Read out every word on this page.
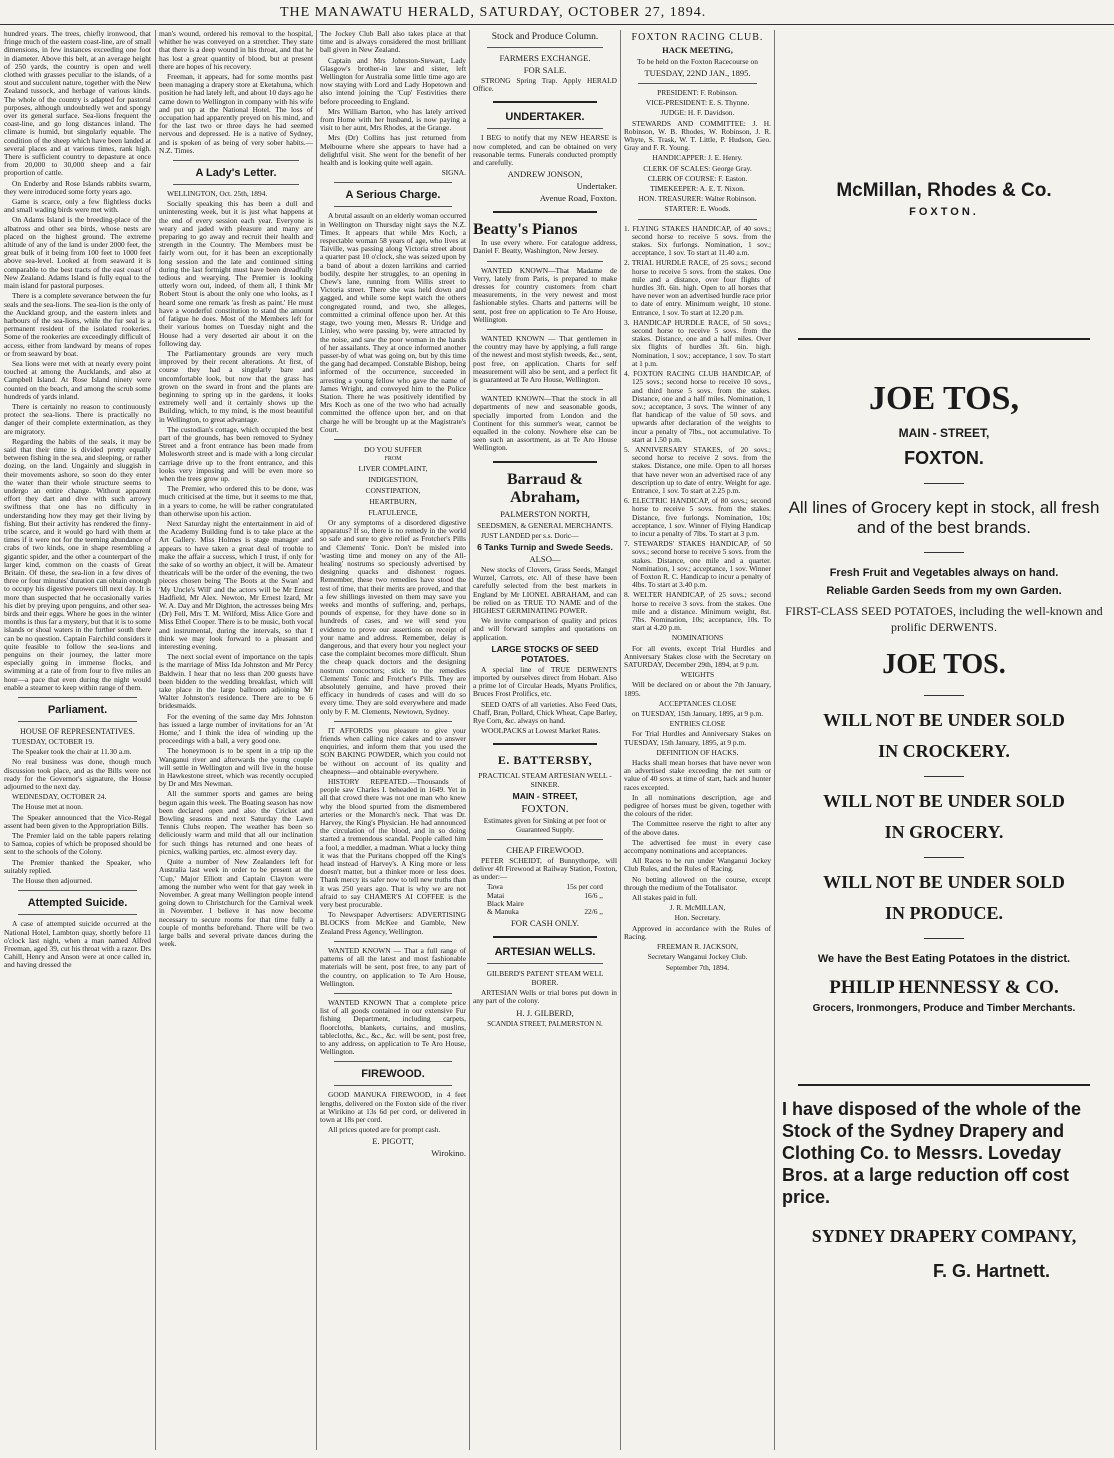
THE MANAWATU HERALD, SATURDAY, OCTOBER 27, 1894.

hundred years. The trees, chiefly ironwood, that fringe much of the eastern coast-line, are of small dimensions, in few instances exceeding one foot in diameter. Above this belt, at an average height of 250 yards, the country is open and well clothed with grasses peculiar to the islands, of a stout and succulent nature, together with the New Zealand tussock, and herbage of various kinds. The whole of the country is adapted for pastoral purposes, although undoubtedly wet and spongy over its general surface. Sea-lions frequent the coast-line, and go long distances inland. The climate is humid, but singularly equable. The condition of the sheep which have been landed at several places and at various times, rank high. There is sufficient country to depasture at once from 20,000 to 30,000 sheep and a fair proportion of cattle.

On Enderby and Rose Islands rabbits swarm, they were introduced some forty years ago.

Game is scarce, only a few flightless ducks and small wading birds were met with.

On Adams Island is the breeding-place of the albatross and other sea birds, whose nests are placed on the highest ground. The extreme altitude of any of the land is under 2000 feet, the great bulk of it being from 100 feet to 1000 feet above sea-level. Looked at from seaward it is comparable to the best tracts of the east coast of New Zealand. Adams Island is fully equal to the main island for pastoral purposes.

There is a complete severance between the fur seals and the sea-lions. The sea-lion is the only of the Auckland group, and the eastern inlets and harbours of the sea-lions, while the fur seal is a permanent resident of the isolated rookeries. Some of the rookeries are exceedingly difficult of access, either from landward by means of ropes or from seaward by boat.

Sea lions were met with at nearly every point touched at among the Aucklands, and also at Campbell Island. At Rose Island ninety were counted on the beach, and among the scrub some hundreds of yards inland.

There is certainly no reason to continuously protect the sea-lions. There is practically no danger of their complete extermination, as they are migratory.

Regarding the habits of the seals, it may be said that their time is divided pretty equally between fishing in the sea, and sleeping, or rather dozing, on the land. Ungainly and sluggish in their movements ashore, so soon do they enter the water than their whole structure seems to undergo an entire change. Without apparent effort they dart and dive with such arrowy swiftness that one has no difficulty in understanding how they may get their living by fishing. But their activity has rendered the finny-tribe scarce, and it would go hard with them at times if it were not for the teeming abundance of crabs of two kinds, one in shape resembling a gigantic spider, and the other a counterpart of the larger kind, common on the coasts of Great Britain. Of these, the sea-lion in a few dives of three or four minutes' duration can obtain enough to occupy his digestive powers till next day. It is more than suspected that he occasionally varies his diet by preying upon penguins, and other sea-birds and their eggs. Where he goes in the winter months is thus far a mystery, but that it is to some islands or shoal waters in the further south there can be no question. Captain Fairchild considers it quite feasible to follow the sea-lions and penguins on their journey, the latter more especially going in immense flocks, and swimming at a rate of from four to five miles an hour—a pace that even during the night would enable a steamer to keep within range of them.

Parliament.
HOUSE OF REPRESENTATIVES.

TUESDAY, OCTOBER 19.

The Speaker took the chair at 11.30 a.m.

No real business was done, though much discussion took place, and as the Bills were not ready for the Governor's signature, the House adjourned to the next day.

WEDNESDAY, OCTOBER 24.

The House met at noon.

The Speaker announced that the Vice-Regal assent had been given to the Appropriation Bills.

The Premier laid on the table papers relating to Samoa, copies of which be proposed should be sent to the schools of the Colony.

The Premier thanked the Speaker, who suitably replied.

The House then adjourned.

Attempted Suicide.

A case of attempted suicide occurred at the National Hotel, Lambton quay, shortly before 11 o'clock last night, when a man named Alfred Freeman, aged 39, cut his throat with a razor. Drs Cahill, Henry and Anson were at once called in, and having dressed the

man's wound, ordered his removal to the hospital, whither he was conveyed on a stretcher. They state that there is a deep wound in his throat, and that he has lost a great quantity of blood, but at present there are hopes of his recovery.

Freeman, it appears, had for some months past been managing a drapery store at Eketahuna, which position he had lately left, and about 10 days ago he came down to Wellington in company with his wife and put up at the National Hotel. The loss of occupation had apparently preyed on his mind, and for the last two or three days he had seemed nervous and depressed. He is a native of Sydney, and is spoken of as being of very sober habits.—N.Z. Times.

A Lady's Letter.

WELLINGTON, Oct. 25th, 1894.

Socially speaking this has been a dull and uninteresting week, but it is just what happens at the end of every session each year. Everyone is weary and jaded with pleasure and many are preparing to go away and recruit their health and strength in the Country. The Members must be fairly worn out, for it has been an exceptionally long session and the late and continued sitting during the last fortnight must have been dreadfully tedious and wearying. The Premier is looking utterly worn out, indeed, of them all, I think Mr Robert Stout is about the only one who looks, as I heard some one remark 'as fresh as paint.' He must have a wonderful constitution to stand the amount of fatigue he does. Most of the Members left for their various homes on Tuesday night and the House had a very deserted air about it on the following day.

The Parliamentary grounds are very much improved by their recent alterations. At first, of course they had a singularly bare and uncomfortable look, but now that the grass has grown on the sward in front and the plants are beginning to spring up in the gardens, it looks extremely well and it certainly shows up the Building, which, to my mind, is the most beautiful in Wellington, to great advantage.

The custodian's cottage, which occupied the best part of the grounds, has been removed to Sydney Street and a front entrance has been made from Molesworth street and is made with a long circular carriage drive up to the front entrance, and this looks very imposing and will be even more so when the trees grow up.

The Premier, who ordered this to be done, was much criticised at the time, but it seems to me that, in a years to come, he will be rather congratulated than otherwise upon his action.

Next Saturday night the entertainment in aid of the Academy Building fund is to take place at the Art Gallery. Miss Holmes is stage manager and appears to have taken a great deal of trouble to make the affair a success, which I trust, if only for the sake of so worthy an object, it will be. Amateur theatricals will be the order of the evening, the two pieces chosen being 'The Boots at the Swan' and 'My Uncle's Will' and the actors will be Mr Ernest Hadfield, Mr Alex. Newton, Mr Ernest Izard, Mr W. A. Day and Mr Dighton, the actresses being Mrs (Dr) Fell, Mrs T. M. Wilford, Miss Alice Gore and Miss Ethel Cooper. There is to be music, both vocal and instrumental, during the intervals, so that I think we may look forward to a pleasant and interesting evening.

The next social event of importance on the tapis is the marriage of Miss Ida Johnston and Mr Percy Baldwin. I hear that no less than 200 guests have been bidden to the wedding breakfast, which will take place in the large ballroom adjoining Mr Walter Johnston's residence. There are to be 6 bridesmaids.

For the evening of the same day Mrs Johnston has issued a large number of invitations for an 'At Home,' and I think the idea of winding up the proceedings with a ball, a very good one.

The honeymoon is to be spent in a trip up the Wanganui river and afterwards the young couple will settle in Wellington and will live in the house in Hawkestone street, which was recently occupied by Dr and Mrs Newman.

All the summer sports and games are being begun again this week. The Boating season has now been declared open and also the Cricket and Bowling seasons and next Saturday the Lawn Tennis Clubs reopen. The weather has been so deliciously warm and mild that all our inclination for such things has returned and one hears of picnics, walking parties, etc. almost every day.

Quite a number of New Zealanders left for Australia last week in order to be present at the 'Cup,' Major Elliott and Captain Clayton were among the number who went for that gay week in November. A great many Wellington people intend going down to Christchurch for the Carnival week in November. I believe it has now become necessary to secure rooms for that time fully a couple of months beforehand. There will be two large balls and several private dances during the week.

The Jockey Club Ball also takes place at that time and is always considered the most brilliant ball given in New Zealand.

Captain and Mrs Johnston-Stewart, Lady Glasgow's brother-in law and sister, left Wellington for Australia some little time ago are now staying with Lord and Lady Hopetown and also intend joining the 'Cup' Festivities there before proceeding to England.

Mrs William Barton, who has lately arrived from Home with her husband, is now paying a visit to her aunt, Mrs Rhodes, at the Grange.

Mrs (Dr) Collins has just returned from Melbourne where she appears to have had a delightful visit. She went for the benefit of her health and is looking quite well again.

SIGNA.

A Serious Charge.

A brutal assault on an elderly woman occurred in Wellington on Thursday night says the N.Z. Times. It appears that while Mrs Koch, a respectable woman 58 years of age, who lives at Taiville, was passing along Victoria street about a quarter past 10 o'clock, she was seized upon by a band of about a dozen larrikins and carried bodily, despite her struggles, to an opening in Chew's lane, running from Willis street to Victoria street. There she was held down and gagged, and while some kept watch the others congregated round, and two, she alleges, committed a criminal offence upon her. At this stage, two young men, Messrs R. Uridge and Linley, who were passing by, were attracted by the noise, and saw the poor woman in the hands of her assailants. They at once informed another passer-by of what was going on, but by this time the gang had decamped. Constable Bishop, being informed of the occurrence, succeeded in arresting a young fellow who gave the name of James Wright, and conveyed him to the Police Station. There he was positively identified by Mrs Koch as one of the two who had actually committed the offence upon her, and on that charge he will be brought up at the Magistrate's Court.

DO YOU SUFFER
FROM
LIVER COMPLAINT,
INDIGESTION,
CONSTIPATION,
HEARTBURN,
FLATULENCE,

Or any symptoms of a disordered digestive apparatus? If so, there is no remedy in the world so safe and sure to give relief as Frotcher's Pills and Clements' Tonic. Don't be misled into 'wasting time and money on any of the All-healing' nostrums so speciously advertised by designing quacks and dishonest rogues. Remember, these two remedies have stood the test of time, that their merits are proved, and that a few shillings invested on them may save you weeks and months of suffering, and, perhaps, pounds of expense, for they have done so in hundreds of cases, and we will send you evidence to prove our assertions on receipt of your name and address. Remember, delay is dangerous, and that every hour you neglect your case the complaint becomes more difficult. Shun the cheap quack doctors and the designing nostrum concoctors; stick to the remedies Clements' Tonic and Frotcher's Pills. They are absolutely genuine, and have proved their efficacy in hundreds of cases and will do so every time. They are sold everywhere and made only by F. M. Clements, Newtown, Sydney.

IT AFFORDS you pleasure to give your friends when calling nice cakes and to answer enquiries, and inform them that you used the SON BAKING POWDER, which you could not be without on account of its quality and cheapness—and obtainable everywhere.

HISTORY REPEATED.—Thousands of people saw Charles I. beheaded in 1649. Yet in all that crowd there was not one man who knew why the blood spurted from the dismembered arteries or the Monarch's neck. That was Dr. Harvey, the King's Physician. He had announced the circulation of the blood, and in so doing started a tremendous scandal. People called him a fool, a meddler, a madman. What a lucky thing it was that the Puritans chopped off the King's head instead of Harvey's. A King more or less doesn't matter, but a thinker more or less does. Thank mercy its safer now to tell new truths than it was 250 years ago. That is why we are not afraid to say CHAMER'S AI COFFEE is the very best procurable.

To Newspaper Advertisers: ADVERTISING BLOCKS from McKee and Gamble, New Zealand Press Agency, Wellington.

WANTED KNOWN — That a full range of patterns of all the latest and most fashionable materials will be sent, post free, to any part of the country, on application to Te Aro House, Wellington.

WANTED KNOWN That a complete price list of all goods contained in our extensive Fur fishing Department, including carpets, floorcloths, blankets, curtains, and muslins, tablecloths, &c., &c., &c. will be sent, post free, to any address, on application to Te Aro House, Wellington.

FIREWOOD.

GOOD MANUKA FIREWOOD, in 4 feet lengths, delivered on the Foxton side of the river at Wirikino at 13s 6d per cord, or delivered in town at 18s per cord.

All prices quoted are for prompt cash.

E. PIGOTT,
Wirokino.
Stock and Produce Column.
FARMERS EXCHANGE.
FOR SALE.

STRONG Spring Trap. Apply HERALD Office.

UNDERTAKER.

I BEG to notify that my NEW HEARSE is now completed, and can be obtained on very reasonable terms. Funerals conducted promptly and carefully.

ANDREW JONSON,
Undertaker.
Avenue Road, Foxton.
Beatty's Pianos

In use every where. For catalogue address, Daniel F. Beatty, Washington, New Jersey.

WANTED KNOWN—That Madame de Verry, lately from Paris, is prepared to make dresses for country customers from chart measurements, in the very newest and most fashionable styles. Charts and patterns will be sent, post free on application to Te Aro House, Wellington.

WANTED KNOWN — That gentlemen in the country may have by applying, a full range of the newest and most stylish tweeds, &c., sent, post free, on application. Charts for self measurement will also be sent, and a perfect fit is guaranteed at Te Aro House, Wellington.

WANTED KNOWN—That the stock in all departments of new and seasonable goods, specially imported from London and the Continent for this summer's wear, cannot be equalled in the colony. Nowhere else can be seen such an assortment, as at Te Aro House Wellington.

Barraud & Abraham,
PALMERSTON NORTH,
SEEDSMEN, & GENERAL MERCHANTS.

JUST LANDED per s.s. Doric—

6 Tanks Turnip and Swede Seeds.
ALSO—

New stocks of Clovers, Grass Seeds, Mangel Wurzel, Carrots, etc. All of these have been carefully selected from the best markets in England by Mr LIONEL ABRAHAM, and can be relied on as TRUE TO NAME and of the HIGHEST GERMINATING POWER.

We invite comparison of quality and prices and will forward samples and quotations on application.

LARGE STOCKS OF SEED POTATOES.

A special line of TRUE DERWENTS imported by ourselves direct from Hobart. Also a prime lot of Circular Heads, Myatts Prolifics, Bruces Frost Prolifics, etc.

SEED OATS of all varieties. Also Feed Oats, Chaff, Bran, Pollard, Chick Wheat, Cape Barley, Rye Corn, &c. always on hand.

WOOLPACKS at Lowest Market Rates.

E. BATTERSBY,
PRACTICAL STEAM ARTESIAN WELL - SINKER.
MAIN - STREET,
FOXTON.

Estimates given for Sinking at per foot or Guaranteed Supply.

CHEAP FIREWOOD.

PETER SCHEIDT, of Bunnythorpe, will deliver 4ft Firewood at Railway Station, Foxton, as under:—

Tawa	15s per cord
Matai	16/6 ,,
Black Maire
& Manuka	22/6 ,,
FOR CASH ONLY.
ARTESIAN WELLS.
GILBERD'S PATENT STEAM WELL BORER.

ARTESIAN Wells or trial bores put down in any part of the colony.

H. J. GILBERD,
SCANDIA STREET, PALMERSTON N.
FOXTON RACING CLUB.
HACK MEETING,
To be held on the Foxton Racecourse on
TUESDAY, 22ND JAN., 1895.
PRESIDENT: F. Robinson.
VICE-PRESIDENT: E. S. Thynne.
JUDGE: H. F. Davidson.

STEWARDS AND COMMITTEE: J. H. Robinson, W. B. Rhodes, W. Robinson, J. R. Whyte, S. Trask, W. T. Little, P. Hudson, Geo. Gray and F. R. Young.

HANDICAPPER: J. E. Henry.
CLERK OF SCALES: George Gray.
CLERK OF COURSE: F. Easton.
TIMEKEEPER: A. E. T. Nixon.
HON. TREASURER: Walter Robinson.
STARTER: E. Woods.

1. FLYING STAKES HANDICAP, of 40 sovs.; second horse to receive 5 sovs. from the stakes. Six furlongs. Nomination, 1 sov.; acceptance, 1 sov. To start at 11.40 a.m.

2. TRIAL HURDLE RACE, of 25 sovs.; second horse to receive 5 sovs. from the stakes. One mile and a distance, over four flights of hurdles 3ft. 6in. high. Open to all horses that have never won an advertised hurdle race prior to date of entry. Minimum weight, 10 stone. Entrance, 1 sov. To start at 12.20 p.m.

3. HANDICAP HURDLE RACE, of 50 sovs.; second horse to receive 5 sovs. from the stakes. Distance, one and a half miles. Over six flights of hurdles 3ft. 6in. high. Nomination, 1 sov.; acceptance, 1 sov. To start at 1 p.m.

4. FOXTON RACING CLUB HANDICAP, of 125 sovs.; second horse to receive 10 sovs., and third horse 5 sovs. from the stakes. Distance, one and a half miles. Nomination, 1 sov.; acceptance, 3 sovs. The winner of any flat handicap of the value of 50 sovs. and upwards after declaration of the weights to incur a penalty of 7lbs., not accumulative. To start at 1.50 p.m.

5. ANNIVERSARY STAKES, of 20 sovs.; second horse to receive 2 sovs. from the stakes. Distance, one mile. Open to all horses that have never won an advertised race of any description up to date of entry. Weight for age. Entrance, 1 sov. To start at 2.25 p.m.

6. ELECTRIC HANDICAP, of 80 sovs.; second horse to receive 5 sovs. from the stakes. Distance, five furlongs. Nomination, 10s; acceptance, 1 sov. Winner of Flying Handicap to incur a penalty of 7lbs. To start at 3 p.m.

7. STEWARDS' STAKES HANDICAP, of 50 sovs.; second horse to receive 5 sovs. from the stakes. Distance, one mile and a quarter. Nomination, 1 sov.; acceptance, 1 sov. Winner of Foxton R. C. Handicap to incur a penalty of 4lbs. To start at 3.40 p.m.

8. WELTER HANDICAP, of 25 sovs.; second horse to receive 3 sovs. from the stakes. One mile and a distance. Minimum weight, 8st. 7lbs. Nomination, 10s; acceptance, 10s. To start at 4.20 p.m.

NOMINATIONS

For all events, except Trial Hurdles and Anniversary Stakes close with the Secretary on SATURDAY, December 29th, 1894, at 9 p.m.

WEIGHTS

Will be declared on or about the 7th January, 1895.

ACCEPTANCES CLOSE

on TUESDAY, 15th January, 1895, at 9 p.m.

ENTRIES CLOSE

For Trial Hurdles and Anniversary Stakes on TUESDAY, 15th January, 1895, at 9 p.m.

DEFINITION OF HACKS.

Hacks shall mean horses that have never won an advertised stake exceeding the net sum or value of 40 sovs. at time of start, hack and hunter races excepted.

In all nominations description, age and pedigree of horses must be given, together with the colours of the rider.

The Committee reserve the right to alter any of the above dates.

The advertised fee must in every case accompany nominations and acceptances.

All Races to be run under Wanganui Jockey Club Rules, and the Rules of Racing.

No betting allowed on the course, except through the medium of the Totalisator.

All stakes paid in full.

J. R. McMILLAN,
Hon. Secretary.

Approved in accordance with the Rules of Racing.

FREEMAN R. JACKSON,
Secretary Wanganui Jockey Club.
September 7th, 1894.
McMillan, Rhodes & Co.
FOXTON.
JOE TOS,
MAIN - STREET,
FOXTON.
All lines of Grocery kept in stock, all fresh and of the best brands.
Fresh Fruit and Vegetables always on hand.
Reliable Garden Seeds from my own Garden.
FIRST-CLASS SEED POTATOES, including the well-known and prolific DERWENTS.
JOE TOS.
WILL NOT BE UNDER SOLD
IN CROCKERY.
WILL NOT BE UNDER SOLD
IN GROCERY.
WILL NOT BE UNDER SOLD
IN PRODUCE.
We have the Best Eating Potatoes in the district.
PHILIP HENNESSY & CO.
Grocers, Ironmongers, Produce and Timber Merchants.
I have disposed of the whole of the Stock of the Sydney Drapery and Clothing Co. to Messrs. Loveday Bros. at a large reduction off cost price.
SYDNEY DRAPERY COMPANY,
F. G. Hartnett.
